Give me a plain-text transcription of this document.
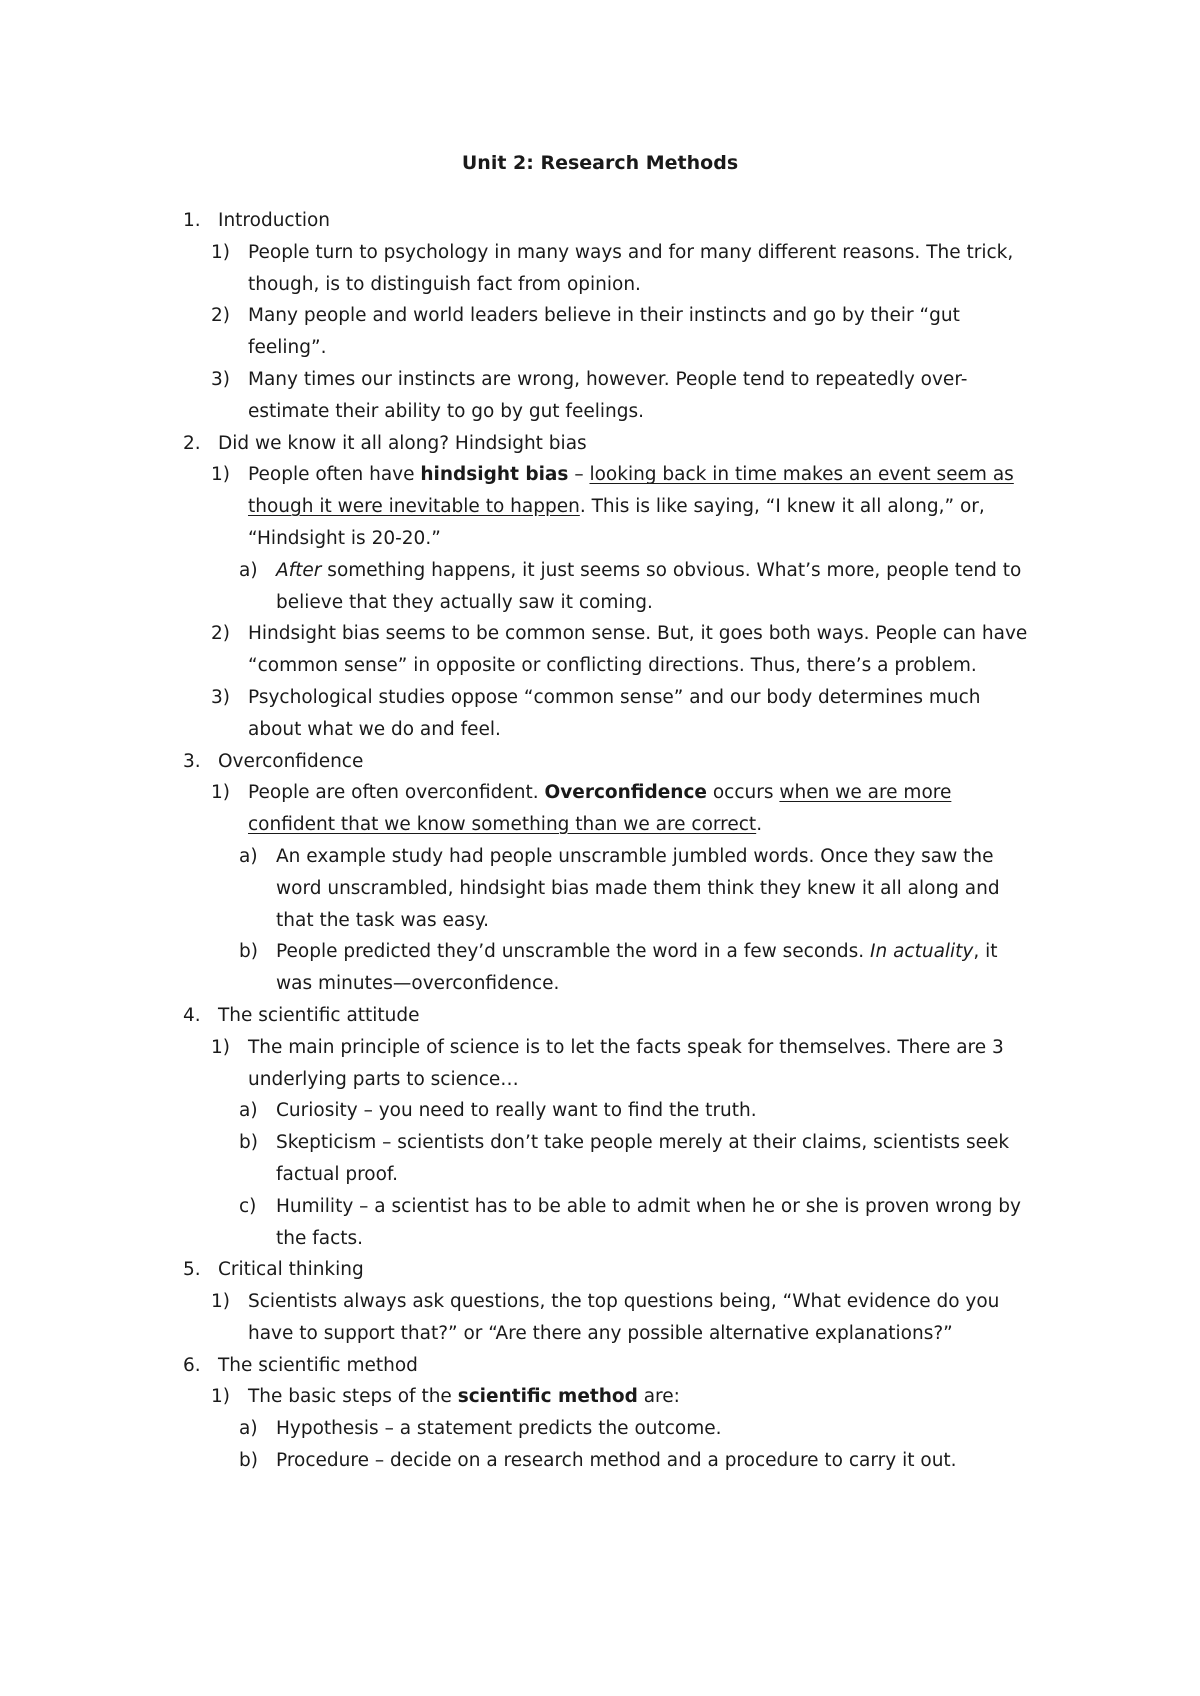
Unit 2: Research Methods
1. Introduction
1) People turn to psychology in many ways and for many different reasons. The trick, though, is to distinguish fact from opinion.
2) Many people and world leaders believe in their instincts and go by their “gut feeling”.
3) Many times our instincts are wrong, however. People tend to repeatedly over-estimate their ability to go by gut feelings.
2. Did we know it all along? Hindsight bias
1) People often have hindsight bias – looking back in time makes an event seem as though it were inevitable to happen. This is like saying, “I knew it all along,” or, “Hindsight is 20-20.”
a) After something happens, it just seems so obvious. What’s more, people tend to believe that they actually saw it coming.
2) Hindsight bias seems to be common sense. But, it goes both ways. People can have “common sense” in opposite or conflicting directions. Thus, there’s a problem.
3) Psychological studies oppose “common sense” and our body determines much about what we do and feel.
3. Overconfidence
1) People are often overconfident. Overconfidence occurs when we are more confident that we know something than we are correct.
a) An example study had people unscramble jumbled words. Once they saw the word unscrambled, hindsight bias made them think they knew it all along and that the task was easy.
b) People predicted they’d unscramble the word in a few seconds. In actuality, it was minutes—overconfidence.
4. The scientific attitude
1) The main principle of science is to let the facts speak for themselves. There are 3 underlying parts to science…
a) Curiosity – you need to really want to find the truth.
b) Skepticism – scientists don’t take people merely at their claims, scientists seek factual proof.
c) Humility – a scientist has to be able to admit when he or she is proven wrong by the facts.
5. Critical thinking
1) Scientists always ask questions, the top questions being, “What evidence do you have to support that?” or “Are there any possible alternative explanations?”
6. The scientific method
1) The basic steps of the scientific method are:
a) Hypothesis – a statement predicts the outcome.
b) Procedure – decide on a research method and a procedure to carry it out.
